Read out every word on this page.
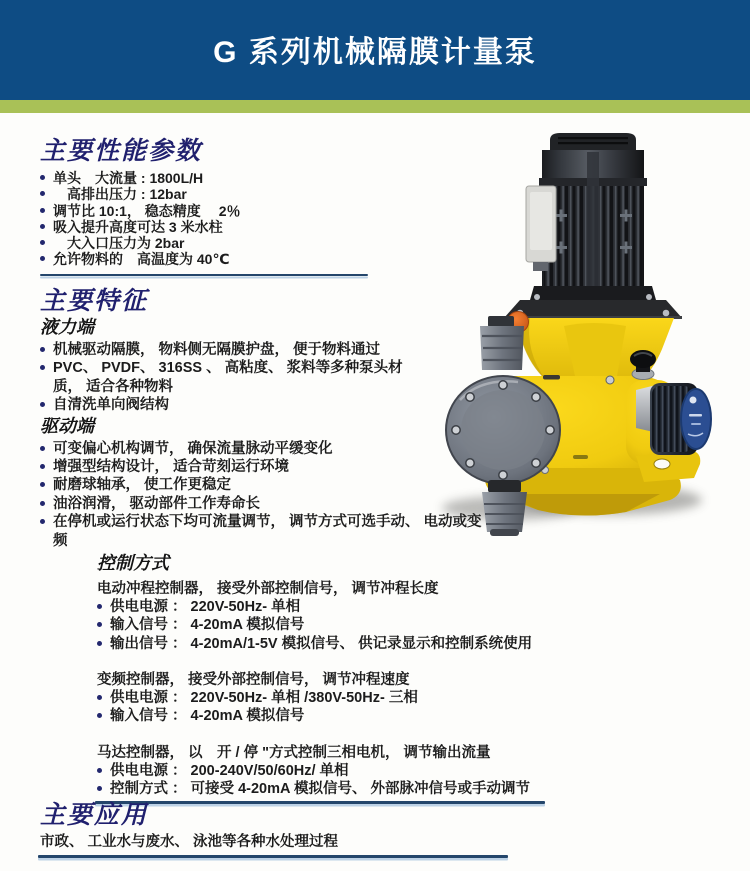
G 系列机械隔膜计量泵
主要性能参数
单头　大流量 : 1800L/H
　高排出压力 : 12bar
调节比 10:1， 稳态精度　 2％
吸入提升高度可达 3 米水柱
　大入口压力为 2bar
允许物料的　高温度为 40℃
主要特征
液力端
机械驱动隔膜， 物料侧无隔膜护盘， 便于物料通过
PVC、 PVDF、 316SS 、 高粘度、 浆料等多种泵头材
质， 适合各种物料
自清洗单向阀结构
驱动端
可变偏心机构调节， 确保流量脉动平缓变化
增强型结构设计， 适合苛刻运行环境
耐磨球轴承， 使工作更稳定
油浴润滑， 驱动部件工作寿命长
在停机或运行状态下均可流量调节， 调节方式可选手动、 电动或变频
控制方式
电动冲程控制器， 接受外部控制信号， 调节冲程长度
供电电源 ： 220V-50Hz- 单相
输入信号 ： 4-20mA 模拟信号
输出信号 ： 4-20mA/1-5V 模拟信号、 供记录显示和控制系统使用
变频控制器， 接受外部控制信号， 调节冲程速度
供电电源 ： 220V-50Hz- 单相 /380V-50Hz- 三相
输入信号 ： 4-20mA 模拟信号
马达控制器， 以　开 / 停 "方式控制三相电机， 调节输出流量
供电电源 ： 200-240V/50/60Hz/ 单相
控制方式 ： 可接受 4-20mA 模拟信号、 外部脉冲信号或手动调节
主要应用
市政、 工业水与废水、 泳池等各种水处理过程
